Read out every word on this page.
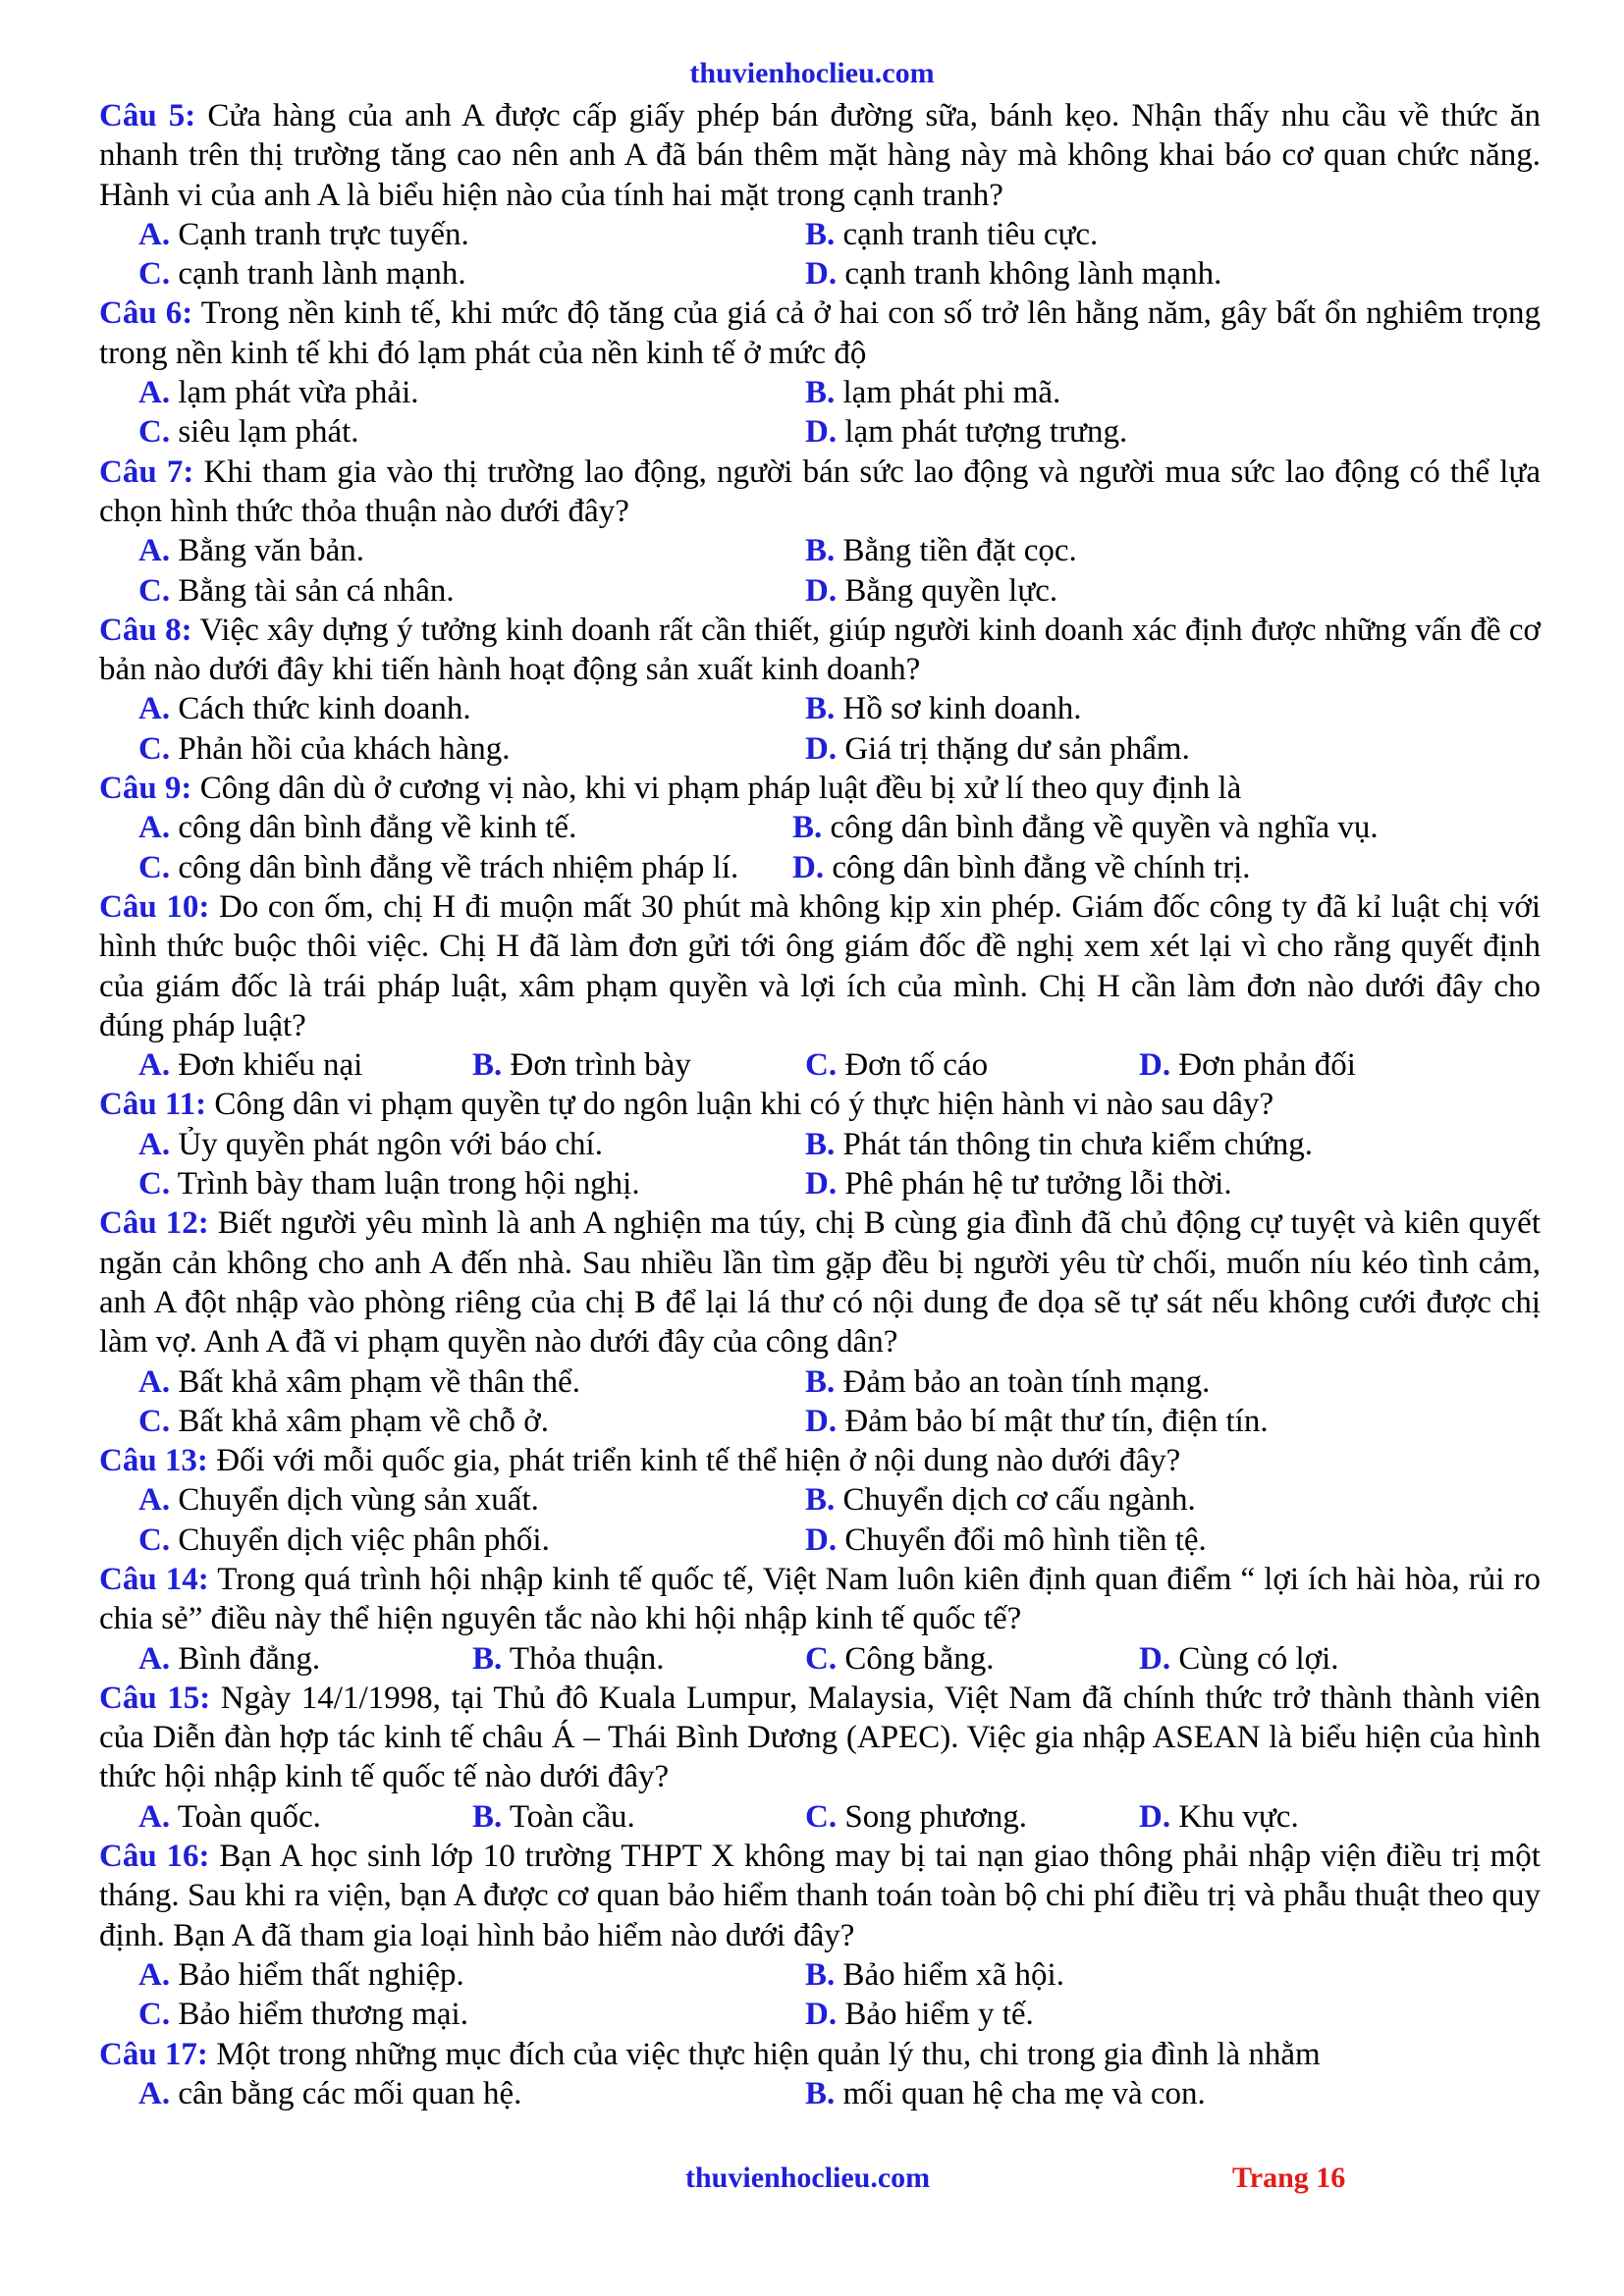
thuvienhoclieu.com
Câu 5: Cửa hàng của anh A được cấp giấy phép bán đường sữa, bánh kẹo. Nhận thấy nhu cầu về thức ăn nhanh trên thị trường tăng cao nên anh A đã bán thêm mặt hàng này mà không khai báo cơ quan chức năng. Hành vi của anh A là biểu hiện nào của tính hai mặt trong cạnh tranh?
A. Cạnh tranh trực tuyến.	B. cạnh tranh tiêu cực.
C. cạnh tranh lành mạnh.	D. cạnh tranh không lành mạnh.
Câu 6: Trong nền kinh tế, khi mức độ tăng của giá cả ở hai con số trở lên hằng năm, gây bất ổn nghiêm trọng trong nền kinh tế khi đó lạm phát của nền kinh tế ở mức độ
A. lạm phát vừa phải.	B. lạm phát phi mã.
C. siêu lạm phát.	D. lạm phát tượng trưng.
Câu 7: Khi tham gia vào thị trường lao động, người bán sức lao động và người mua sức lao động có thể lựa chọn hình thức thỏa thuận nào dưới đây?
A. Bằng văn bản.	B. Bằng tiền đặt cọc.
C. Bằng tài sản cá nhân.	D. Bằng quyền lực.
Câu 8: Việc xây dựng ý tưởng kinh doanh rất cần thiết, giúp người kinh doanh xác định được những vấn đề cơ bản nào dưới đây khi tiến hành hoạt động sản xuất kinh doanh?
A. Cách thức kinh doanh.	B. Hồ sơ kinh doanh.
C. Phản hồi của khách hàng.	D. Giá trị thặng dư sản phẩm.
Câu 9: Công dân dù ở cương vị nào, khi vi phạm pháp luật đều bị xử lí theo quy định là
A. công dân bình đẳng về kinh tế.	B. công dân bình đẳng về quyền và nghĩa vụ.
C. công dân bình đẳng về trách nhiệm pháp lí.	D. công dân bình đẳng về chính trị.
Câu 10: Do con ốm, chị H đi muộn mất 30 phút mà không kịp xin phép. Giám đốc công ty đã kỉ luật chị với hình thức buộc thôi việc. Chị H đã làm đơn gửi tới ông giám đốc đề nghị xem xét lại vì cho rằng quyết định của giám đốc là trái pháp luật, xâm phạm quyền và lợi ích của mình. Chị H cần làm đơn nào dưới đây cho đúng pháp luật?
A. Đơn khiếu nại	B. Đơn trình bày	C. Đơn tố cáo	D. Đơn phản đối
Câu 11: Công dân vi phạm quyền tự do ngôn luận khi có ý thực hiện hành vi nào sau dây?
A. Ủy quyền phát ngôn với báo chí.	B. Phát tán thông tin chưa kiểm chứng.
C. Trình bày tham luận trong hội nghị.	D. Phê phán hệ tư tưởng lỗi thời.
Câu 12: Biết người yêu mình là anh A nghiện ma túy, chị B cùng gia đình đã chủ động cự tuyệt và kiên quyết ngăn cản không cho anh A đến nhà. Sau nhiều lần tìm gặp đều bị người yêu từ chối, muốn níu kéo tình cảm, anh A đột nhập vào phòng riêng của chị B để lại lá thư có nội dung đe dọa sẽ tự sát nếu không cưới được chị làm vợ. Anh A đã vi phạm quyền nào dưới đây của công dân?
A. Bất khả xâm phạm về thân thể.	B. Đảm bảo an toàn tính mạng.
C. Bất khả xâm phạm về chỗ ở.	D. Đảm bảo bí mật thư tín, điện tín.
Câu 13: Đối với mỗi quốc gia, phát triển kinh tế thể hiện ở nội dung nào dưới đây?
A. Chuyển dịch vùng sản xuất.	B. Chuyển dịch cơ cấu ngành.
C. Chuyển dịch việc phân phối.	D. Chuyển đổi mô hình tiền tệ.
Câu 14: Trong quá trình hội nhập kinh tế quốc tế, Việt Nam luôn kiên định quan điểm “ lợi ích hài hòa, rủi ro chia sẻ” điều này thể hiện nguyên tắc nào khi hội nhập kinh tế quốc tế?
A. Bình đẳng.	B. Thỏa thuận.	C. Công bằng.	D. Cùng có lợi.
Câu 15: Ngày 14/1/1998, tại Thủ đô Kuala Lumpur, Malaysia, Việt Nam đã chính thức trở thành thành viên của Diễn đàn hợp tác kinh tế châu Á – Thái Bình Dương (APEC). Việc gia nhập ASEAN là biểu hiện của hình thức hội nhập kinh tế quốc tế nào dưới đây?
A. Toàn quốc.	B. Toàn cầu.	C. Song phương.	D. Khu vực.
Câu 16: Bạn A học sinh lớp 10 trường THPT X không may bị tai nạn giao thông phải nhập viện điều trị một tháng. Sau khi ra viện, bạn A được cơ quan bảo hiểm thanh toán toàn bộ chi phí điều trị và phẫu thuật theo quy định. Bạn A đã tham gia loại hình bảo hiểm nào dưới đây?
A. Bảo hiểm thất nghiệp.	B. Bảo hiểm xã hội.
C. Bảo hiểm thương mại.	D. Bảo hiểm y tế.
Câu 17: Một trong những mục đích của việc thực hiện quản lý thu, chi trong gia đình là nhằm
A. cân bằng các mối quan hệ.	B. mối quan hệ cha mẹ và con.
thuvienhoclieu.com	Trang 16
